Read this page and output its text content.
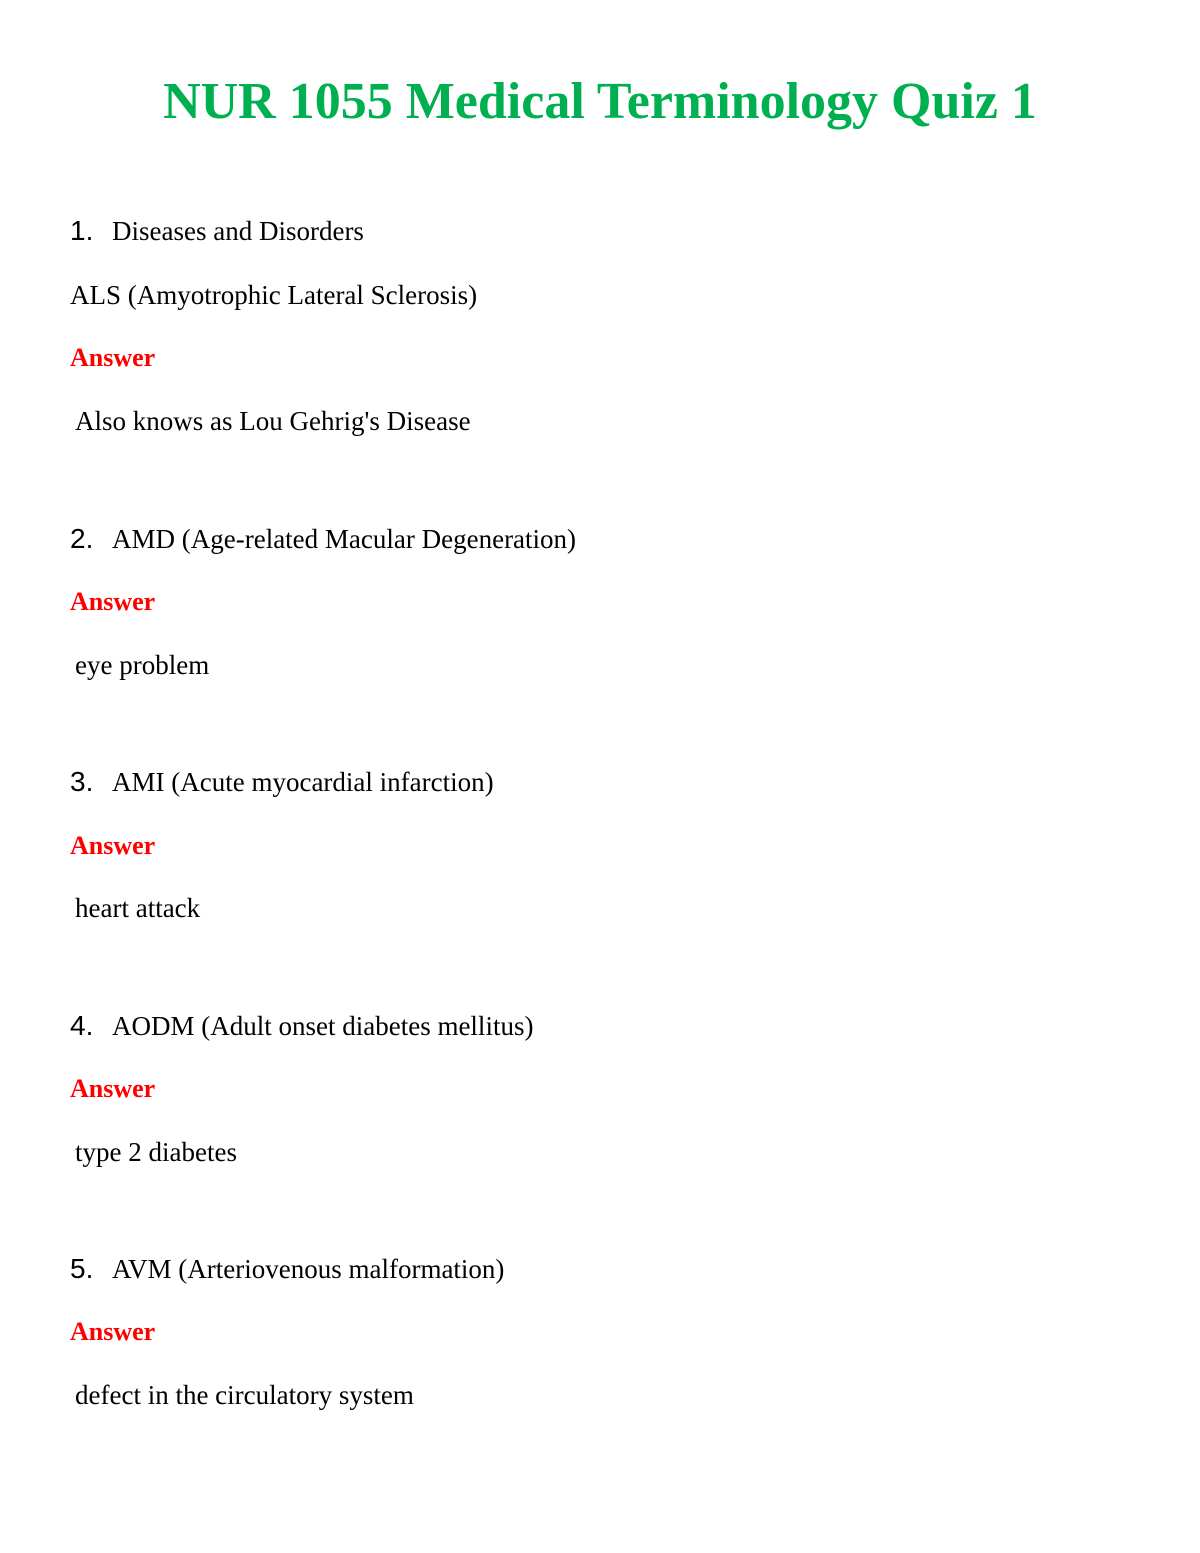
NUR 1055 Medical Terminology Quiz 1

1. Diseases and Disorders

ALS (Amyotrophic Lateral Sclerosis)

Answer

Also knows as Lou Gehrig's Disease

2. AMD (Age-related Macular Degeneration)

Answer

eye problem

3. AMI (Acute myocardial infarction)

Answer

heart attack

4. AODM (Adult onset diabetes mellitus)

Answer

type 2 diabetes

5. AVM (Arteriovenous malformation)

Answer

defect in the circulatory system
